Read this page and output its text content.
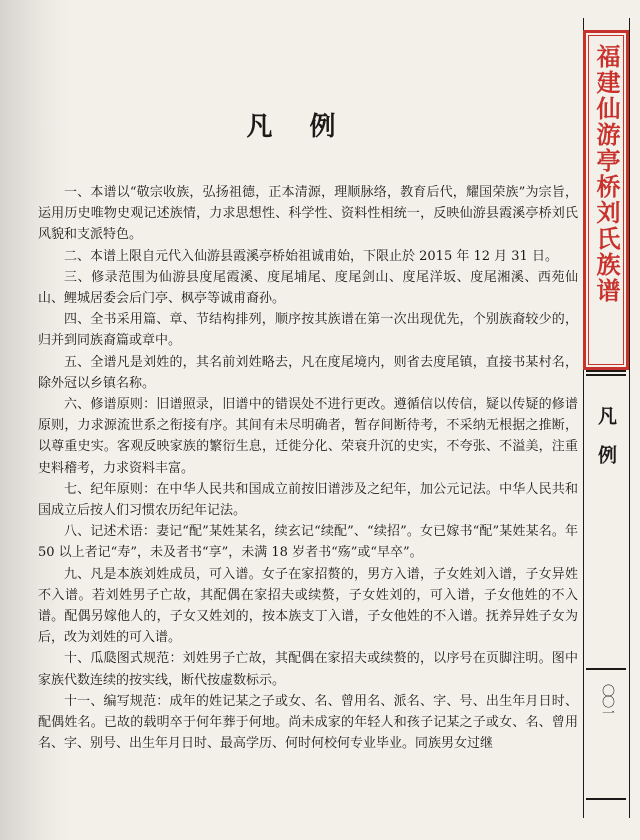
凡 例

一、本谱以“敬宗收族，弘扬祖德，正本清源，理顺脉络，教育后代，耀国荣族”为宗旨，运用历史唯物史观记述族情，力求思想性、科学性、资料性相统一，反映仙游县霞溪亭桥刘氏风貌和支派特色。

二、本谱上限自元代入仙游县霞溪亭桥始祖诚甫始，下限止於 2015 年 12 月 31 日。

三、修录范围为仙游县度尾霞溪、度尾埔尾、度尾剑山、度尾洋坂、度尾湘溪、西苑仙山、鲤城居委会后门亭、枫亭等诚甫裔孙。

四、全书采用篇、章、节结构排列，顺序按其族谱在第一次出现优先，个别族裔较少的，归并到同族裔篇或章中。

五、全谱凡是刘姓的，其名前刘姓略去，凡在度尾境内，则省去度尾镇，直接书某村名，除外冠以乡镇名称。

六、修谱原则：旧谱照录，旧谱中的错误处不进行更改。遵循信以传信，疑以传疑的修谱原则，力求源流世系之衔接有序。其间有未尽明确者，暂存间断待考，不采纳无根据之推断，以尊重史实。客观反映家族的繁衍生息，迁徙分化、荣衰升沉的史实，不夸张、不溢美，注重史料稽考，力求资料丰富。

七、纪年原则：在中华人民共和国成立前按旧谱涉及之纪年，加公元记法。中华人民共和国成立后按人们习惯农历纪年记法。

八、记述术语：妻记“配”某姓某名，续玄记“续配”、“续招”。女已嫁书“配”某姓某名。年 50 以上者记“寿”，未及者书“享”，未满 18 岁者书“殇”或“早卒”。

九、凡是本族刘姓成员，可入谱。女子在家招赘的，男方入谱，子女姓刘入谱，子女异姓不入谱。若刘姓男子亡故，其配偶在家招夫或续赘，子女姓刘的，可入谱，子女他姓的不入谱。配偶另嫁他人的，子女又姓刘的，按本族支丁入谱，子女他姓的不入谱。抚养异姓子女为后，改为刘姓的可入谱。

十、瓜瓞图式规范：刘姓男子亡故，其配偶在家招夫或续赘的，以序号在页脚注明。图中家族代数连续的按实线，断代按虚数标示。

十一、编写规范：成年的姓记某之子或女、名、曾用名、派名、字、号、出生年月日时、配偶姓名。已故的载明卒于何年葬于何地。尚未成家的年轻人和孩子记某之子或女、名、曾用名、字、别号、出生年月日时、最高学历、何时何校何专业毕业。同族男女过继

福建仙游亭桥刘氏族谱
凡例
〇〇一
